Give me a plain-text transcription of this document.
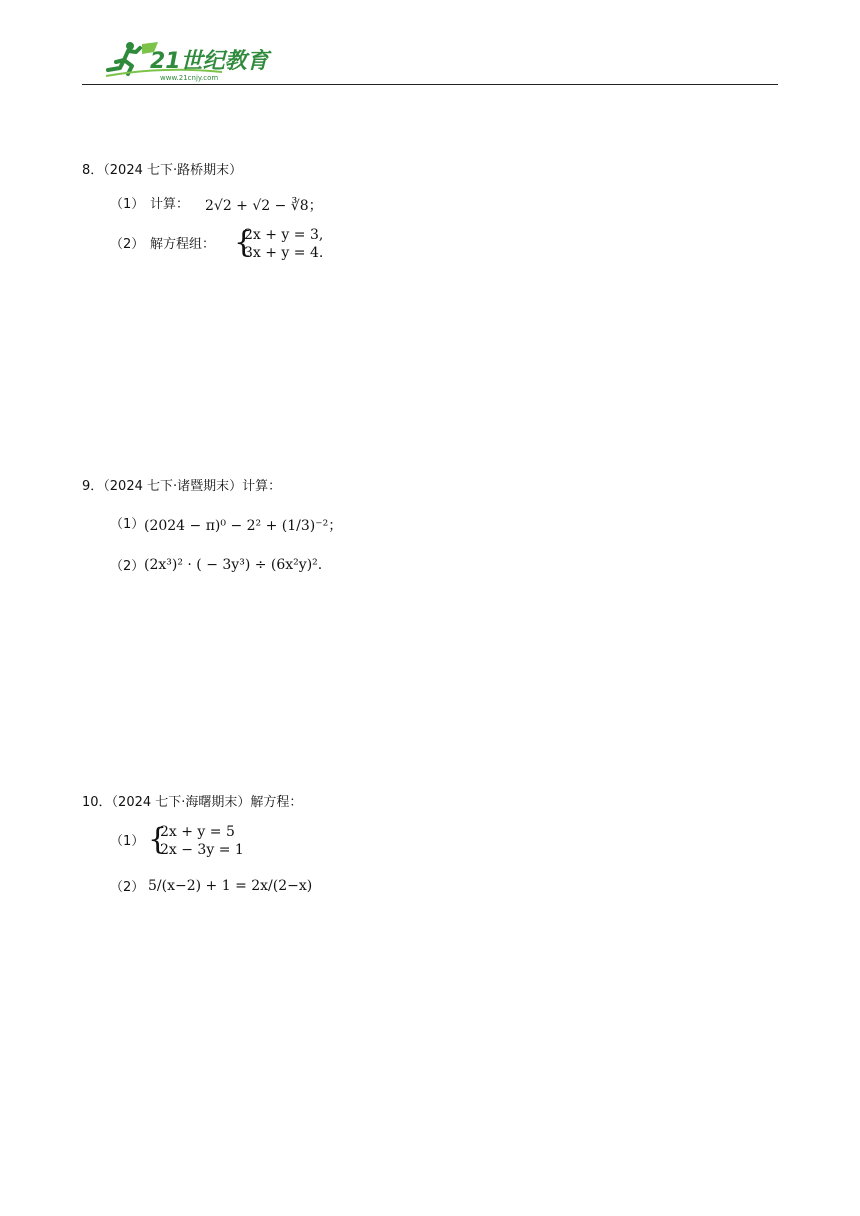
21世纪教育
www.21cnjy.com
8．（2024 七下·路桥期末）
（1） 计算： 2√2 + √2 − ∛8；
（2） 解方程组： {
2x + y = 3,
3x + y = 4.
9．（2024 七下·诸暨期末）计算：
（1） (2024 − π)⁰ − 2² + (1/3)⁻²；
（2） (2x³)² · ( − 3y³) ÷ (6x²y)².
10．（2024 七下·海曙期末）解方程：
（1） {
2x + y = 5
2x − 3y = 1
（2） 5/(x−2) + 1 = 2x/(2−x)
